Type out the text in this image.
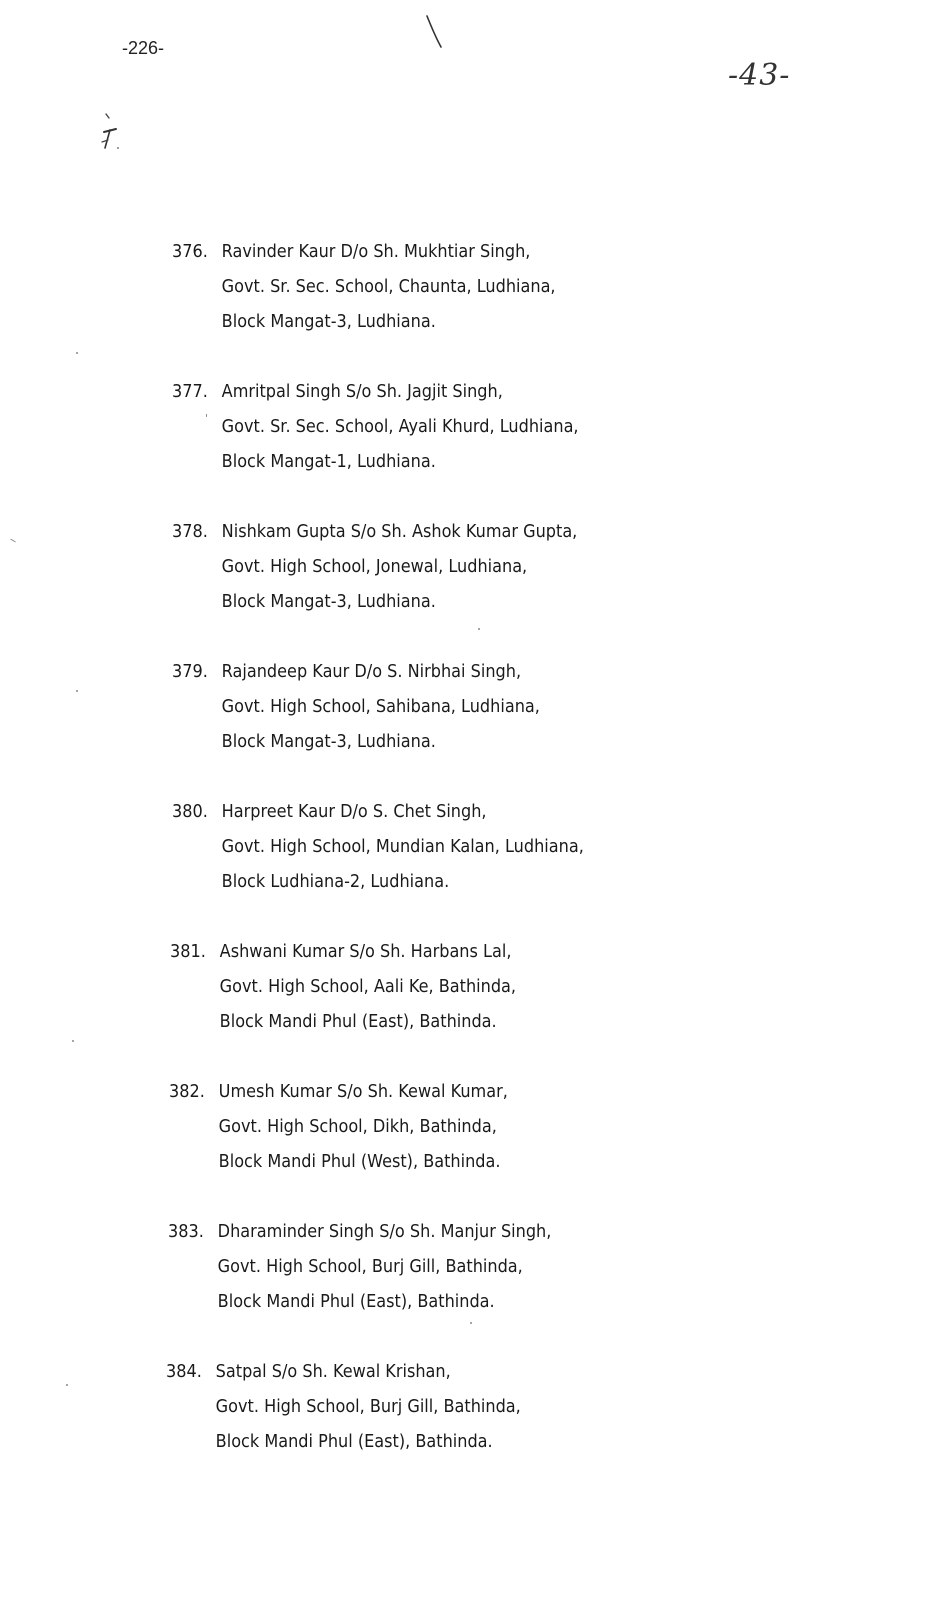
-226-
-43-
376. Ravinder Kaur D/o Sh. Mukhtiar Singh,
Govt. Sr. Sec. School, Chaunta, Ludhiana,
Block Mangat-3, Ludhiana.
377. Amritpal Singh S/o Sh. Jagjit Singh,
Govt. Sr. Sec. School, Ayali Khurd, Ludhiana,
Block Mangat-1, Ludhiana.
378. Nishkam Gupta S/o Sh. Ashok Kumar Gupta,
Govt. High School, Jonewal, Ludhiana,
Block Mangat-3, Ludhiana.
379. Rajandeep Kaur D/o S. Nirbhai Singh,
Govt. High School, Sahibana, Ludhiana,
Block Mangat-3, Ludhiana.
380. Harpreet Kaur D/o S. Chet Singh,
Govt. High School, Mundian Kalan, Ludhiana,
Block Ludhiana-2, Ludhiana.
381. Ashwani Kumar S/o Sh. Harbans Lal,
Govt. High School, Aali Ke, Bathinda,
Block Mandi Phul (East), Bathinda.
382. Umesh Kumar S/o Sh. Kewal Kumar,
Govt. High School, Dikh, Bathinda,
Block Mandi Phul (West), Bathinda.
383. Dharaminder Singh S/o Sh. Manjur Singh,
Govt. High School, Burj Gill, Bathinda,
Block Mandi Phul (East), Bathinda.
384. Satpal S/o Sh. Kewal Krishan,
Govt. High School, Burj Gill, Bathinda,
Block Mandi Phul (East), Bathinda.
